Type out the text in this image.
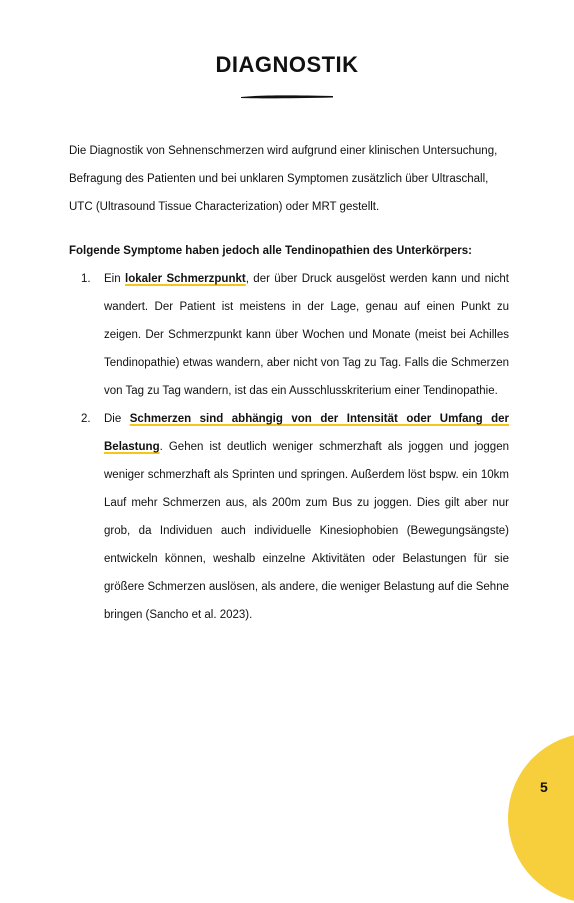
DIAGNOSTIK

Die Diagnostik von Sehnenschmerzen wird aufgrund einer klinischen Untersuchung, Befragung des Patienten und bei unklaren Symptomen zusätzlich über Ultraschall, UTC (Ultrasound Tissue Characterization) oder MRT gestellt.

Folgende Symptome haben jedoch alle Tendinopathien des Unterkörpers:
1. Ein lokaler Schmerzpunkt, der über Druck ausgelöst werden kann und nicht wandert. Der Patient ist meistens in der Lage, genau auf einen Punkt zu zeigen. Der Schmerzpunkt kann über Wochen und Monate (meist bei Achilles Tendinopathie) etwas wandern, aber nicht von Tag zu Tag. Falls die Schmerzen von Tag zu Tag wandern, ist das ein Ausschlusskriterium einer Tendinopathie.
2. Die Schmerzen sind abhängig von der Intensität oder Umfang der Belastung. Gehen ist deutlich weniger schmerzhaft als joggen und joggen weniger schmerzhaft als Sprinten und springen. Außerdem löst bspw. ein 10km Lauf mehr Schmerzen aus, als 200m zum Bus zu joggen. Dies gilt aber nur grob, da Individuen auch individuelle Kinesiophobien (Bewegungsängste) entwickeln können, weshalb einzelne Aktivitäten oder Belastungen für sie größere Schmerzen auslösen, als andere, die weniger Belastung auf die Sehne bringen (Sancho et al. 2023).
5
